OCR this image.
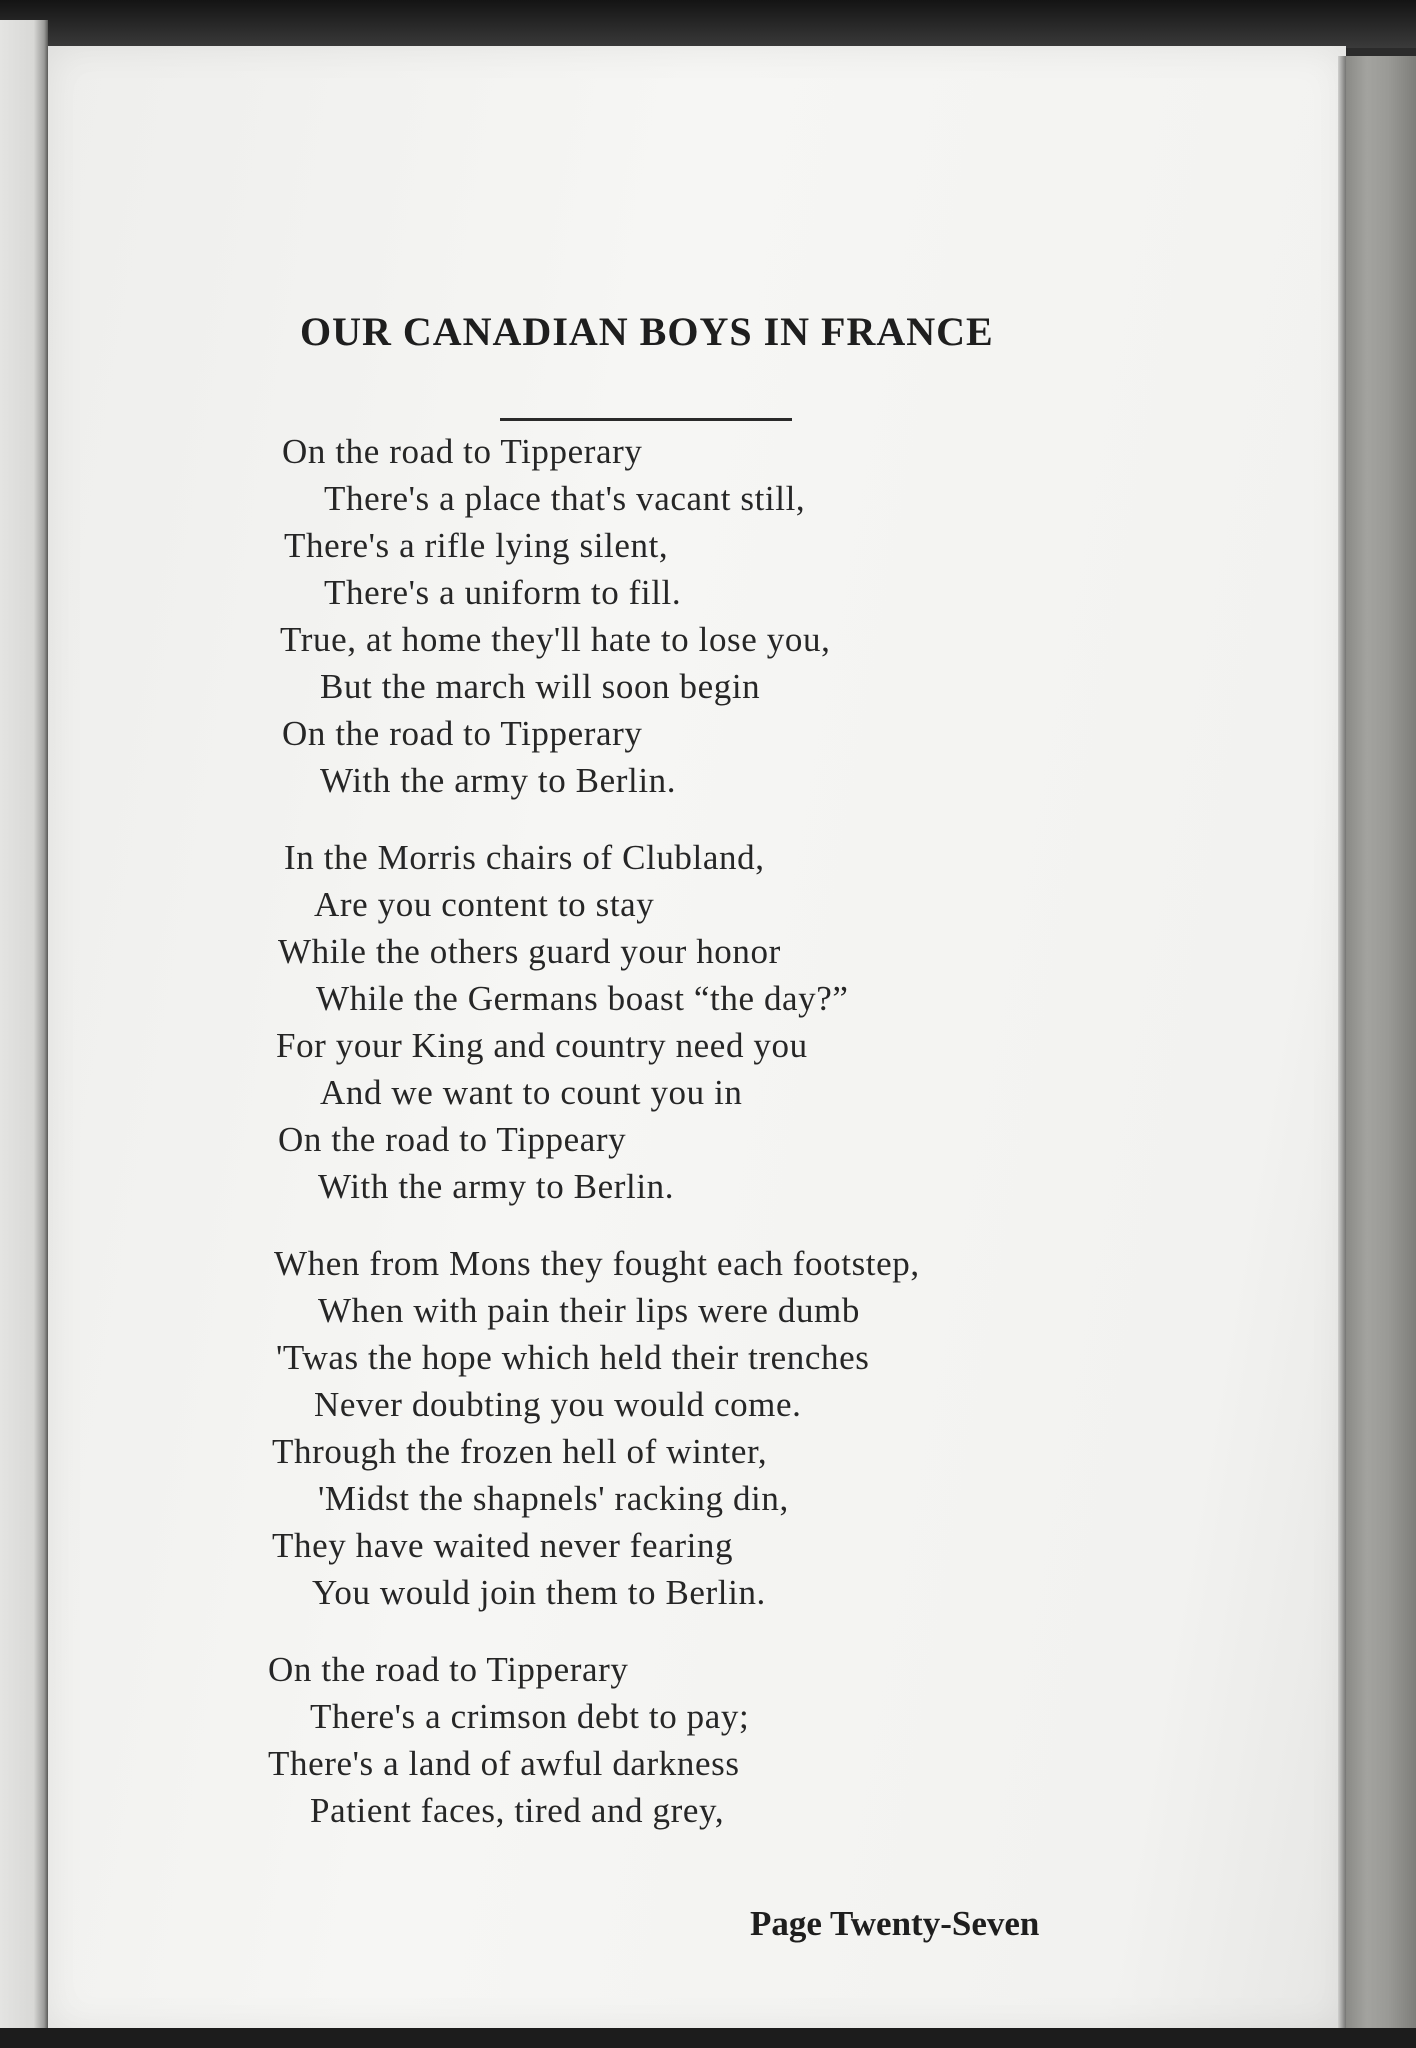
OUR CANADIAN BOYS IN FRANCE
On the road to Tipperary
There's a place that's vacant still,
There's a rifle lying silent,
There's a uniform to fill.
True, at home they'll hate to lose you,
But the march will soon begin
On the road to Tipperary
With the army to Berlin.
In the Morris chairs of Clubland,
Are you content to stay
While the others guard your honor
While the Germans boast “the day?”
For your King and country need you
And we want to count you in
On the road to Tippeary
With the army to Berlin.
When from Mons they fought each footstep,
When with pain their lips were dumb
'Twas the hope which held their trenches
Never doubting you would come.
Through the frozen hell of winter,
'Midst the shapnels' racking din,
They have waited never fearing
You would join them to Berlin.
On the road to Tipperary
There's a crimson debt to pay;
There's a land of awful darkness
Patient faces, tired and grey,
Page Twenty-Seven
